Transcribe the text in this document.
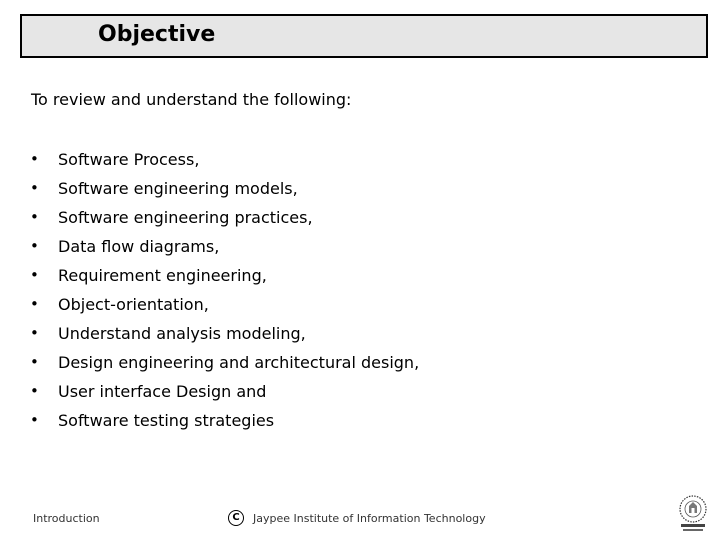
Objective
To review and understand the following:
• Software Process,
• Software engineering models,
• Software engineering practices,
• Data flow diagrams,
• Requirement engineering,
• Object-orientation,
• Understand analysis modeling,
• Design engineering and architectural design,
• User interface Design and
• Software testing strategies
Introduction	C	Jaypee Institute of Information Technology
